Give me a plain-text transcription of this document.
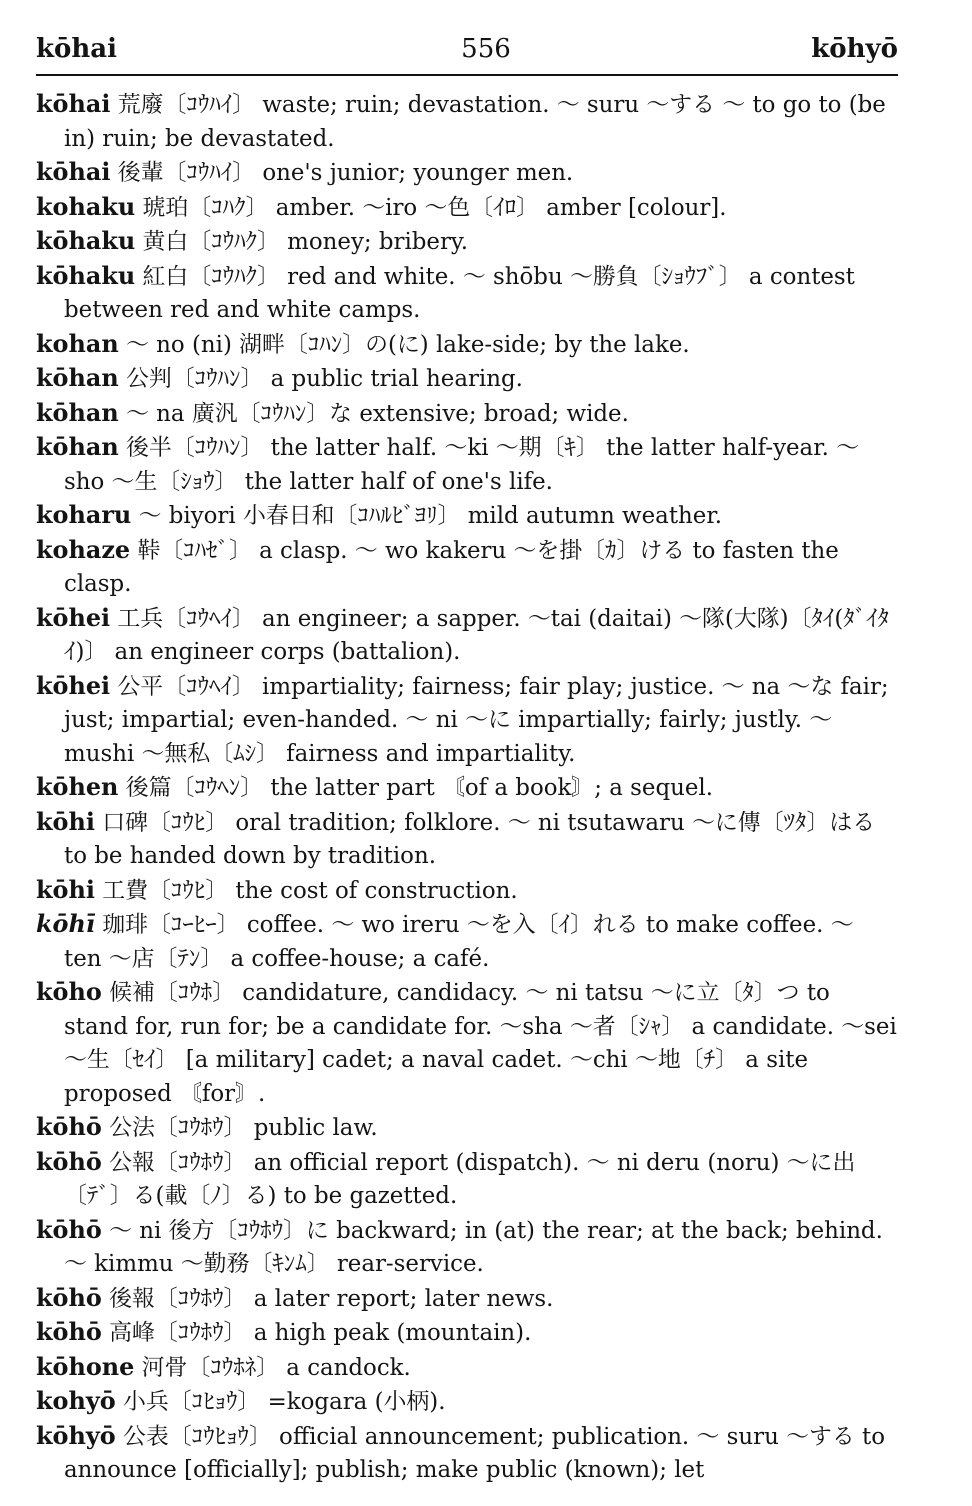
kōhai	556	kōhyō
kōhai 荒廢〔ｺｳﾊｲ〕 waste; ruin; devastation. ～ suru ～する ～ to go to (be in) ruin; be devastated.
kōhai 後輩〔ｺｳﾊｲ〕 one's junior; younger men.
kohaku 琥珀〔ｺﾊｸ〕 amber. ～iro ～色〔ｲﾛ〕 amber [colour].
kōhaku 黄白〔ｺｳﾊｸ〕 money; bribery.
kōhaku 紅白〔ｺｳﾊｸ〕 red and white. ～ shōbu ～勝負〔ｼｮｳﾌﾞ〕 a contest between red and white camps.
kohan ～ no (ni) 湖畔〔ｺﾊﾝ〕の(に) lake-side; by the lake.
kōhan 公判〔ｺｳﾊﾝ〕 a public trial hearing.
kōhan ～ na 廣汎〔ｺｳﾊﾝ〕な extensive; broad; wide.
kōhan 後半〔ｺｳﾊﾝ〕 the latter half. ～ki ～期〔ｷ〕 the latter half-year. ～sho ～生〔ｼｮｳ〕 the latter half of one's life.
koharu ～ biyori 小春日和〔ｺﾊﾙﾋﾞﾖﾘ〕 mild autumn weather.
kohaze 鞐〔ｺﾊｾﾞ〕 a clasp. ～ wo kakeru ～を掛〔ｶ〕ける to fasten the clasp.
kōhei 工兵〔ｺｳﾍｲ〕 an engineer; a sapper. ～tai (daitai) ～隊(大隊)〔ﾀｲ(ﾀﾞｲﾀｲ)〕 an engineer corps (battalion).
kōhei 公平〔ｺｳﾍｲ〕 impartiality; fairness; fair play; justice. ～ na ～な fair; just; impartial; even-handed. ～ ni ～に impartially; fairly; justly. ～ mushi ～無私〔ﾑｼ〕 fairness and impartiality.
kōhen 後篇〔ｺｳﾍﾝ〕 the latter part 〘of a book〙; a sequel.
kōhi 口碑〔ｺｳﾋ〕 oral tradition; folklore. ～ ni tsutawaru ～に傳〔ﾂﾀ〕はる to be handed down by tradition.
kōhi 工費〔ｺｳﾋ〕 the cost of construction.
kōhī 珈琲〔ｺｰﾋｰ〕 coffee. ～ wo ireru ～を入〔ｲ〕れる to make coffee. ～ ten ～店〔ﾃﾝ〕 a coffee-house; a café.
kōho 候補〔ｺｳﾎ〕 candidature, candidacy. ～ ni tatsu ～に立〔ﾀ〕つ to stand for, run for; be a candidate for. ～sha ～者〔ｼｬ〕 a candidate. ～sei ～生〔ｾｲ〕 [a military] cadet; a naval cadet. ～chi ～地〔ﾁ〕 a site proposed 〘for〙.
kōhō 公法〔ｺｳﾎｳ〕 public law.
kōhō 公報〔ｺｳﾎｳ〕 an official report (dispatch). ～ ni deru (noru) ～に出〔ﾃﾞ〕る(載〔ﾉ〕る) to be gazetted.
kōhō ～ ni 後方〔ｺｳﾎｳ〕に backward; in (at) the rear; at the back; behind. ～ kimmu ～勤務〔ｷﾝﾑ〕 rear-service.
kōhō 後報〔ｺｳﾎｳ〕 a later report; later news.
kōhō 高峰〔ｺｳﾎｳ〕 a high peak (mountain).
kōhone 河骨〔ｺｳﾎﾈ〕 a candock.
kohyō 小兵〔ｺﾋｮｳ〕 =kogara (小柄).
kōhyō 公表〔ｺｳﾋｮｳ〕 official announcement; publication. ～ suru ～する to announce [officially]; publish; make public (known); let
